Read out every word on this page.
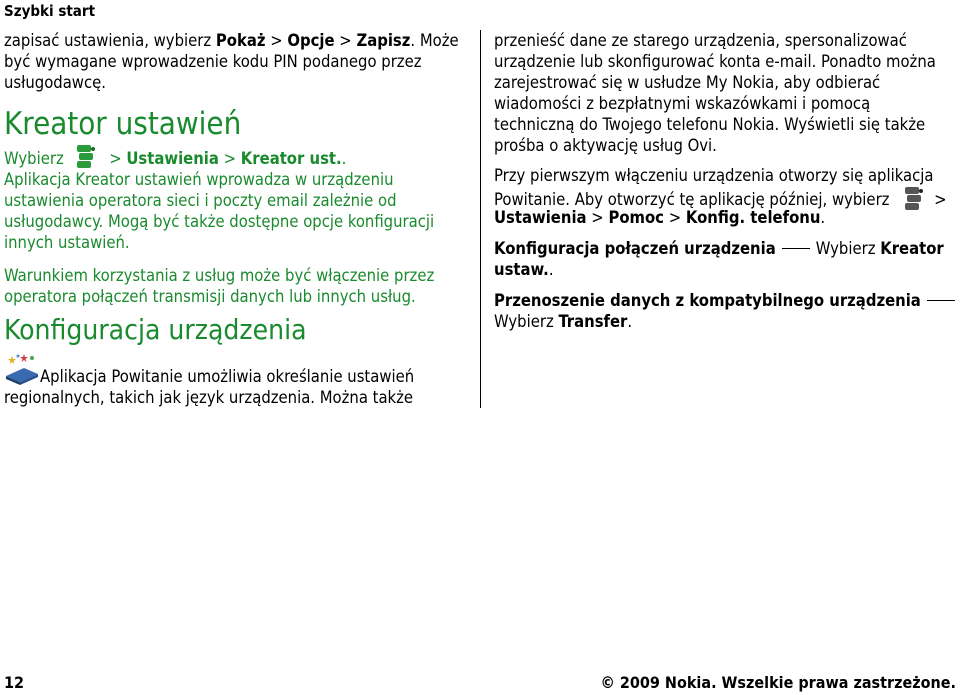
Szybki start
zapisać ustawienia, wybierz Pokaż > Opcje > Zapisz. Może
być wymagane wprowadzenie kodu PIN podanego przez
usługodawcę.
Kreator ustawień
Wybierz	> Ustawienia > Kreator ust..
Aplikacja Kreator ustawień wprowadza w urządzeniu
ustawienia operatora sieci i poczty email zależnie od
usługodawcy. Mogą być także dostępne opcje konfiguracji
innych ustawień.
Warunkiem korzystania z usług może być włączenie przez
operatora połączeń transmisji danych lub innych usług.
Konfiguracja urządzenia
Aplikacja Powitanie umożliwia określanie ustawień
regionalnych, takich jak język urządzenia. Można także
przenieść dane ze starego urządzenia, spersonalizować
urządzenie lub skonfigurować konta e-mail. Ponadto można
zarejestrować się w usłudze My Nokia, aby odbierać
wiadomości z bezpłatnymi wskazówkami i pomocą
techniczną do Twojego telefonu Nokia. Wyświetli się także
prośba o aktywację usług Ovi.
Przy pierwszym włączeniu urządzenia otworzy się aplikacja
Powitanie. Aby otworzyć tę aplikację później, wybierz	>
Ustawienia > Pomoc > Konfig. telefonu.
Konfiguracja połączeń urządzenia Wybierz Kreator
ustaw..
Przenoszenie danych z kompatybilnego urządzenia
Wybierz Transfer.
12	© 2009 Nokia. Wszelkie prawa zastrzeżone.
